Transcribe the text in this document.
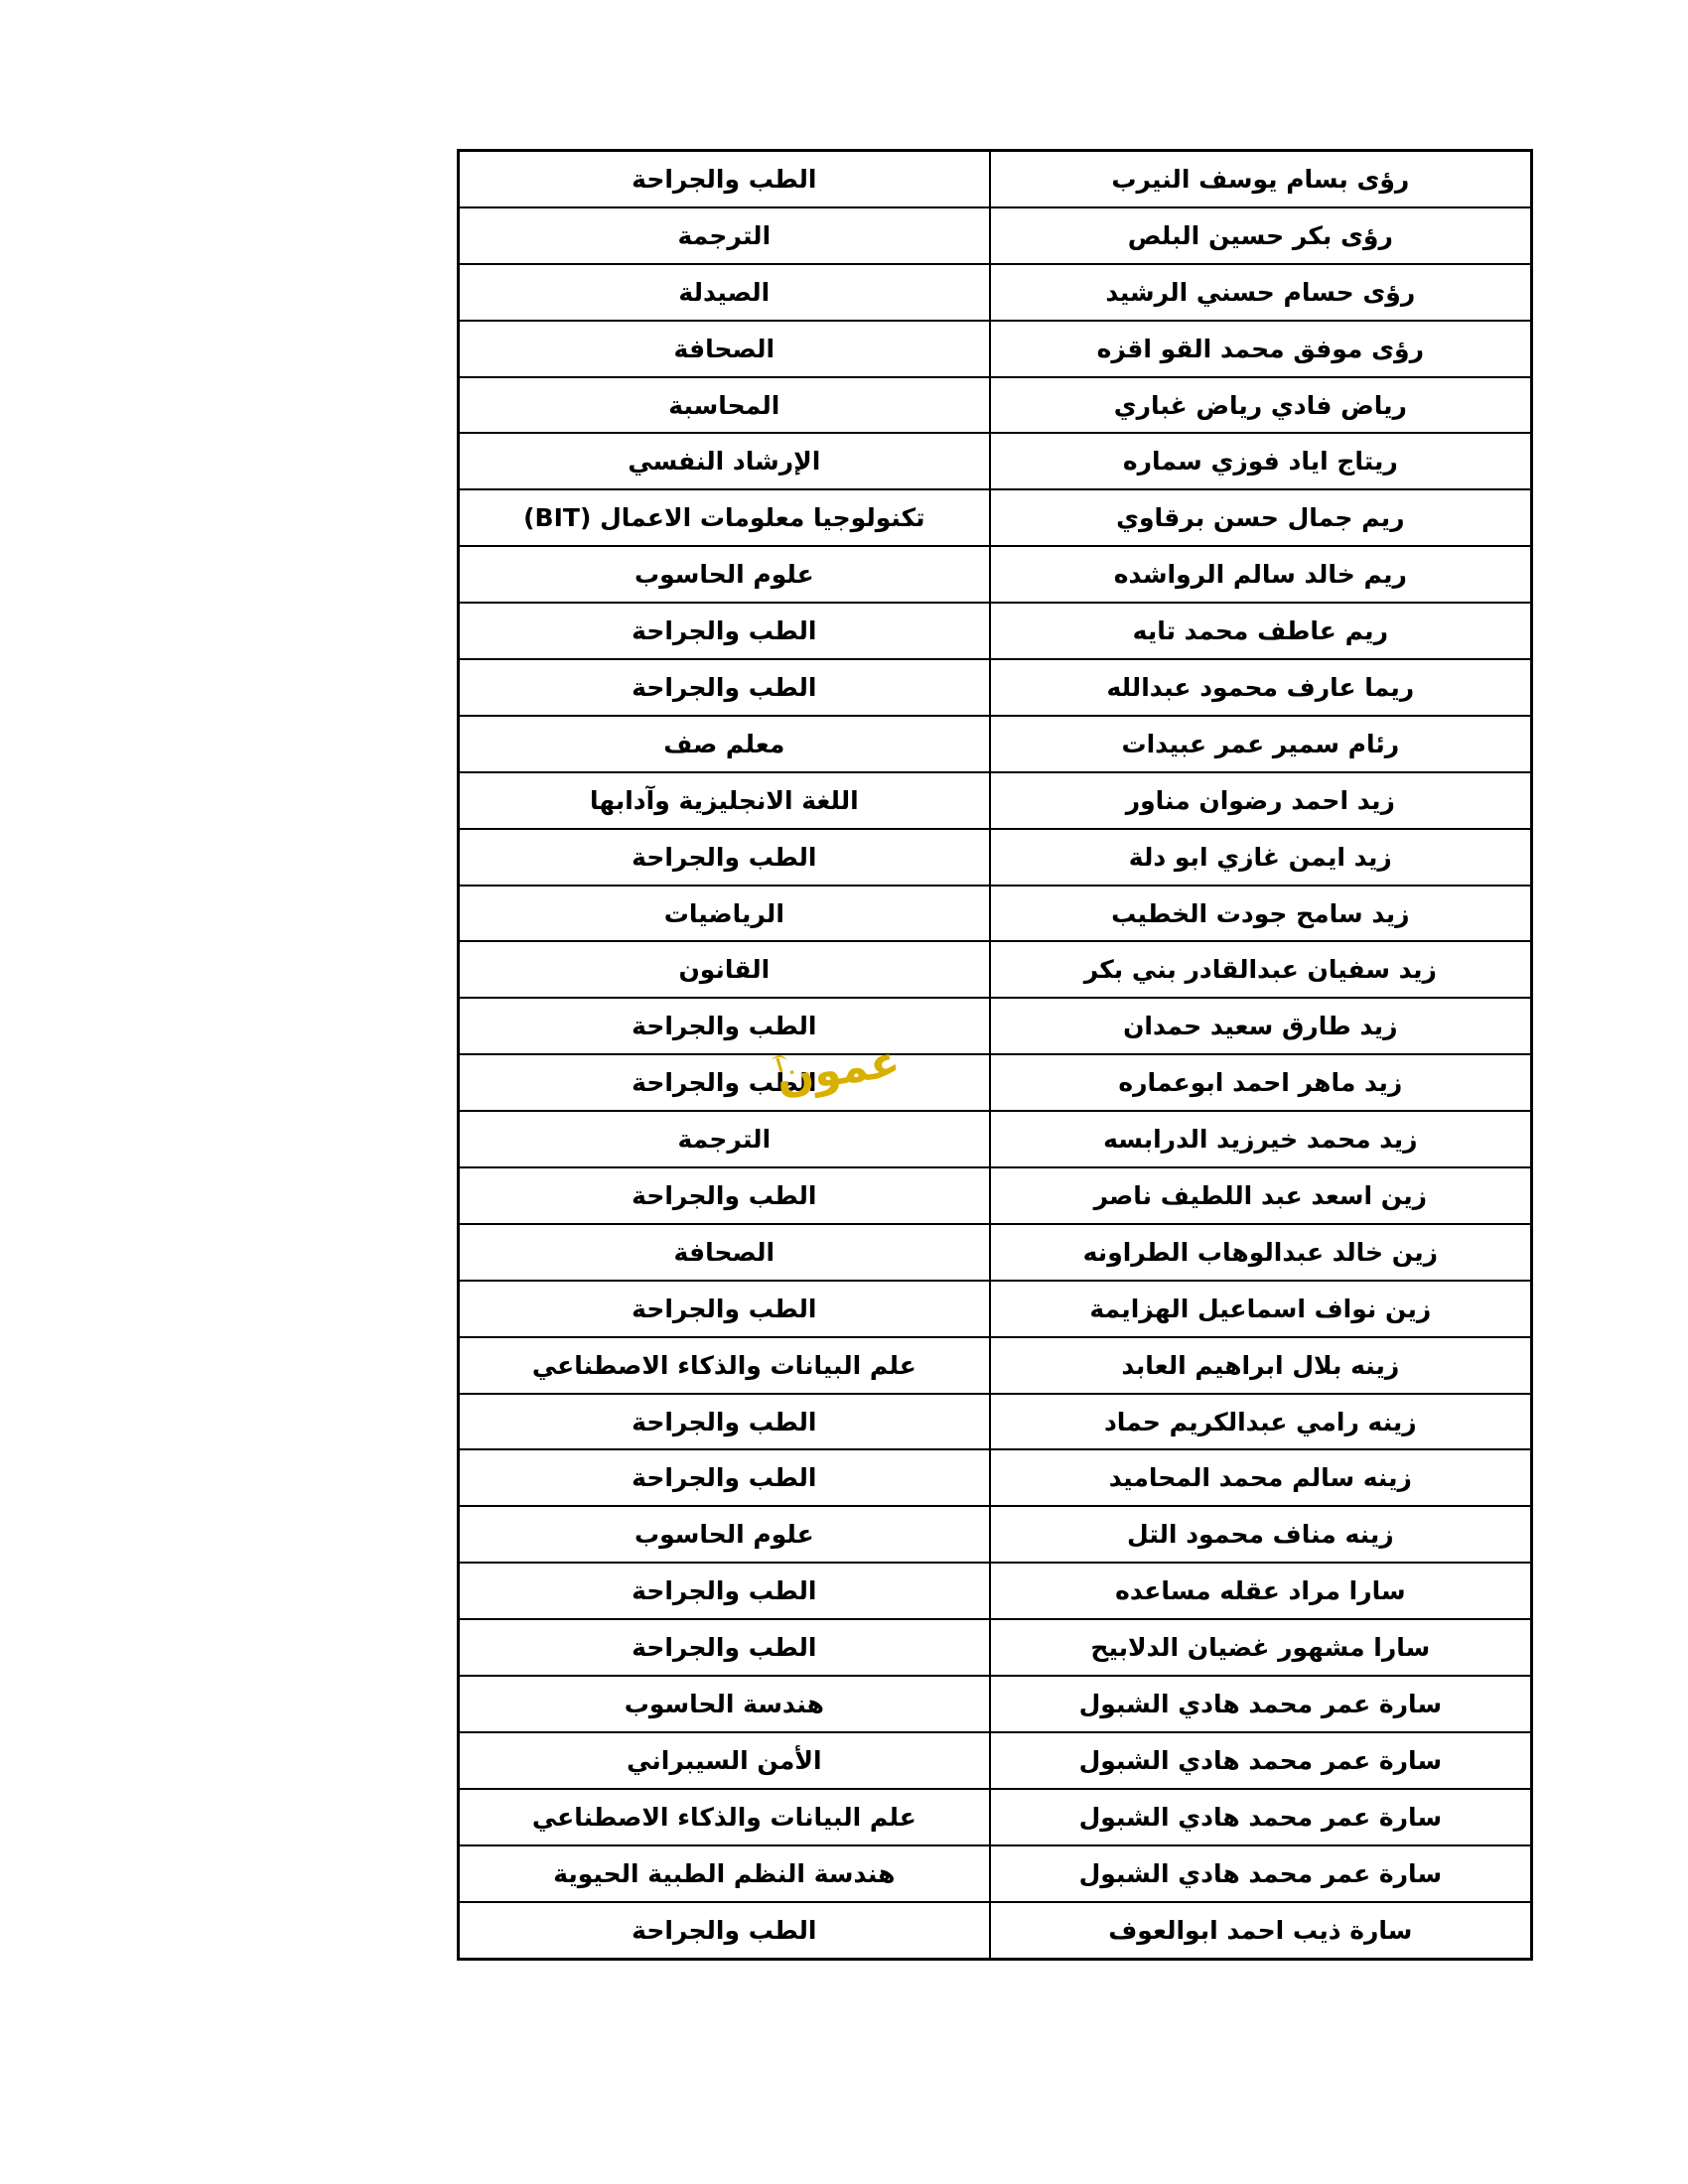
رؤى بسام يوسف النيرب	الطب والجراحة
رؤى بكر حسين البلص	الترجمة
رؤى حسام حسني الرشيد	الصيدلة
رؤى موفق محمد القو اقزه	الصحافة
رياض فادي رياض غباري	المحاسبة
ريتاج اياد فوزي سماره	الإرشاد النفسي
ريم جمال حسن برقاوي	تكنولوجيا معلومات الاعمال (BIT)
ريم خالد سالم الرواشده	علوم الحاسوب
ريم عاطف محمد تايه	الطب والجراحة
ريما عارف محمود عبدالله	الطب والجراحة
رئام سمير عمر عبيدات	معلم صف
زيد احمد رضوان مناور	اللغة الانجليزية وآدابها
زيد ايمن غازي ابو دلة	الطب والجراحة
زيد سامح جودت الخطيب	الرياضيات
زيد سفيان عبدالقادر بني بكر	القانون
زيد طارق سعيد حمدان	الطب والجراحة
زيد ماهر احمد ابوعماره	الطب والجراحة
زيد محمد خيرزيد الدرابسه	الترجمة
زين اسعد عبد اللطيف ناصر	الطب والجراحة
زين خالد عبدالوهاب الطراونه	الصحافة
زين نواف اسماعيل الهزايمة	الطب والجراحة
زينه بلال ابراهيم العابد	علم البيانات والذكاء الاصطناعي
زينه رامي عبدالكريم حماد	الطب والجراحة
زينه سالم محمد المحاميد	الطب والجراحة
زينه مناف محمود التل	علوم الحاسوب
سارا مراد عقله مساعده	الطب والجراحة
سارا مشهور غضيان الدلابيح	الطب والجراحة
سارة عمر محمد هادي الشبول	هندسة الحاسوب
سارة عمر محمد هادي الشبول	الأمن السيبراني
سارة عمر محمد هادي الشبول	علم البيانات والذكاء الاصطناعي
سارة عمر محمد هادي الشبول	هندسة النظم الطبية الحيوية
سارة ذيب احمد ابوالعوف	الطب والجراحة
عمون
